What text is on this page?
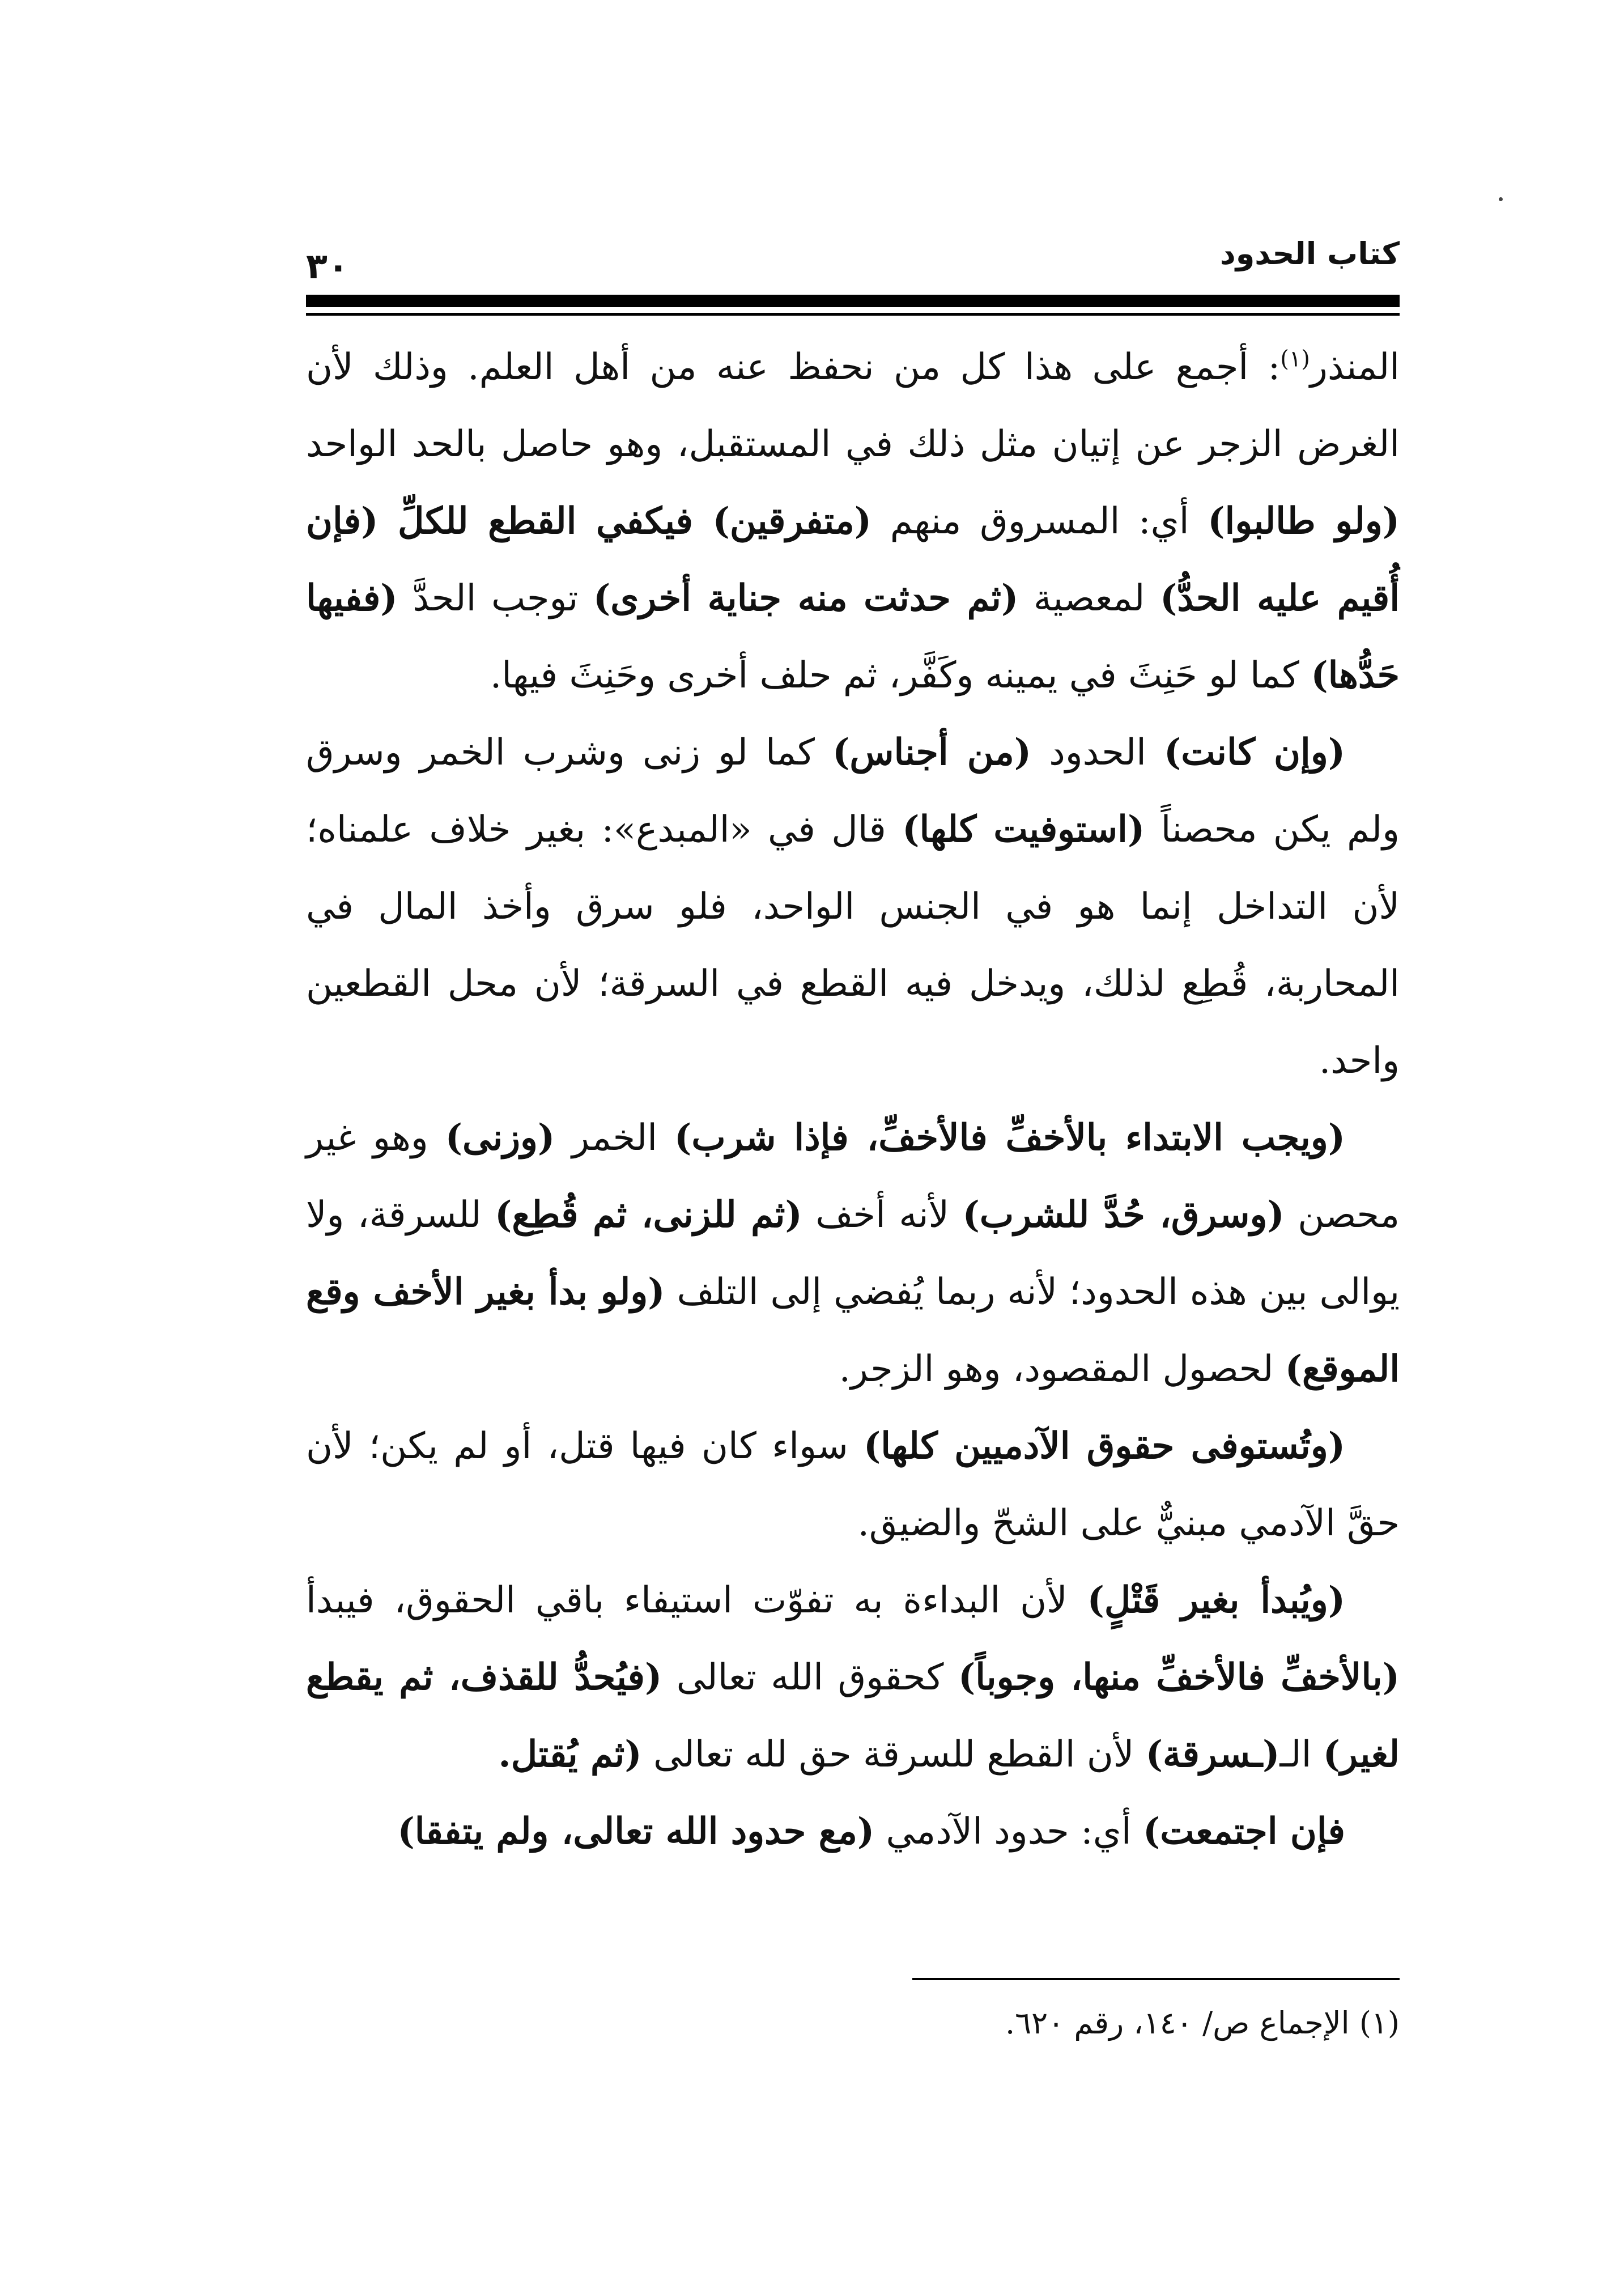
كتاب الحدود
٣٠

المنذر$^{(١)}$: أجمع على هذا كل من نحفظ عنه من أهل العلم. وذلك لأن الغرض الزجر عن إتيان مثل ذلك في المستقبل، وهو حاصل بالحد الواحد (ولو طالبوا) أي: المسروق منهم (متفرقين) فيكفي القطع للكلِّ (فإن أُقيم عليه الحدُّ) لمعصية (ثم حدثت منه جناية أخرى) توجب الحدَّ (ففيها حَدُّها) كما لو حَنِثَ في يمينه وكَفَّر، ثم حلف أخرى وحَنِثَ فيها.

(وإن كانت) الحدود (من أجناس) كما لو زنى وشرب الخمر وسرق ولم يكن محصناً (استوفيت كلها) قال في «المبدع»: بغير خلاف علمناه؛ لأن التداخل إنما هو في الجنس الواحد، فلو سرق وأخذ المال في المحاربة، قُطِع لذلك، ويدخل فيه القطع في السرقة؛ لأن محل القطعين واحد.

(ويجب الابتداء بالأخفِّ فالأخفِّ، فإذا شرب) الخمر (وزنى) وهو غير محصن (وسرق، حُدَّ للشرب) لأنه أخف (ثم للزنى، ثم قُطِع) للسرقة، ولا يوالى بين هذه الحدود؛ لأنه ربما يُفضي إلى التلف (ولو بدأ بغير الأخف وقع الموقع) لحصول المقصود، وهو الزجر.

(وتُستوفى حقوق الآدميين كلها) سواء كان فيها قتل، أو لم يكن؛ لأن حقَّ الآدمي مبنيٌّ على الشحّ والضيق.

(ويُبدأ بغير قَتْلٍ) لأن البداءة به تفوّت استيفاء باقي الحقوق، فيبدأ (بالأخفِّ فالأخفِّ منها، وجوباً) كحقوق الله تعالى (فيُحدُّ للقذف، ثم يقطع لغير) الـ(ـسرقة) لأن القطع للسرقة حق لله تعالى (ثم يُقتل.

فإن اجتمعت) أي: حدود الآدمي (مع حدود الله تعالى، ولم يتفقا)

(١) الإجماع ص/ ١٤٠، رقم ٦٢٠.
